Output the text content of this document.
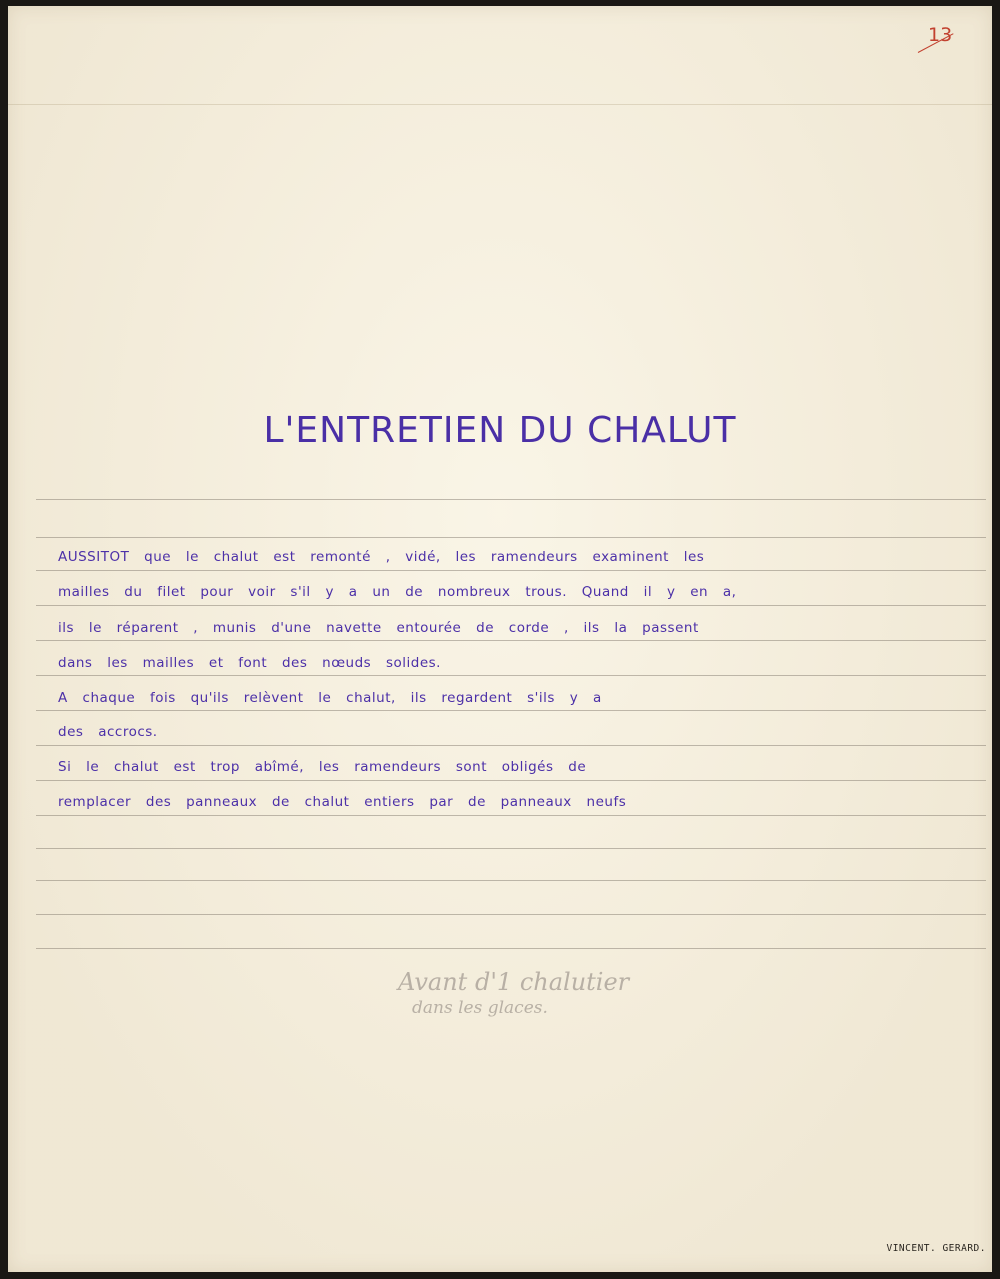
13
L'ENTRETIEN DU CHALUT

AUSSITOT que le chalut est remonté , vidé, les ramendeurs examinent les

mailles du filet pour voir s'il y a un de nombreux trous. Quand il y en a,

ils le réparent , munis d'une navette entourée de corde , ils la passent

dans les mailles et font des nœuds solides.

A chaque fois qu'ils relèvent le chalut, ils regardent s'ils y a

des accrocs.

Si le chalut est trop abîmé, les ramendeurs sont obligés de

remplacer des panneaux de chalut entiers par de panneaux neufs

Avant d'1 chalutier
dans les glaces.

VINCENT. GERARD.
